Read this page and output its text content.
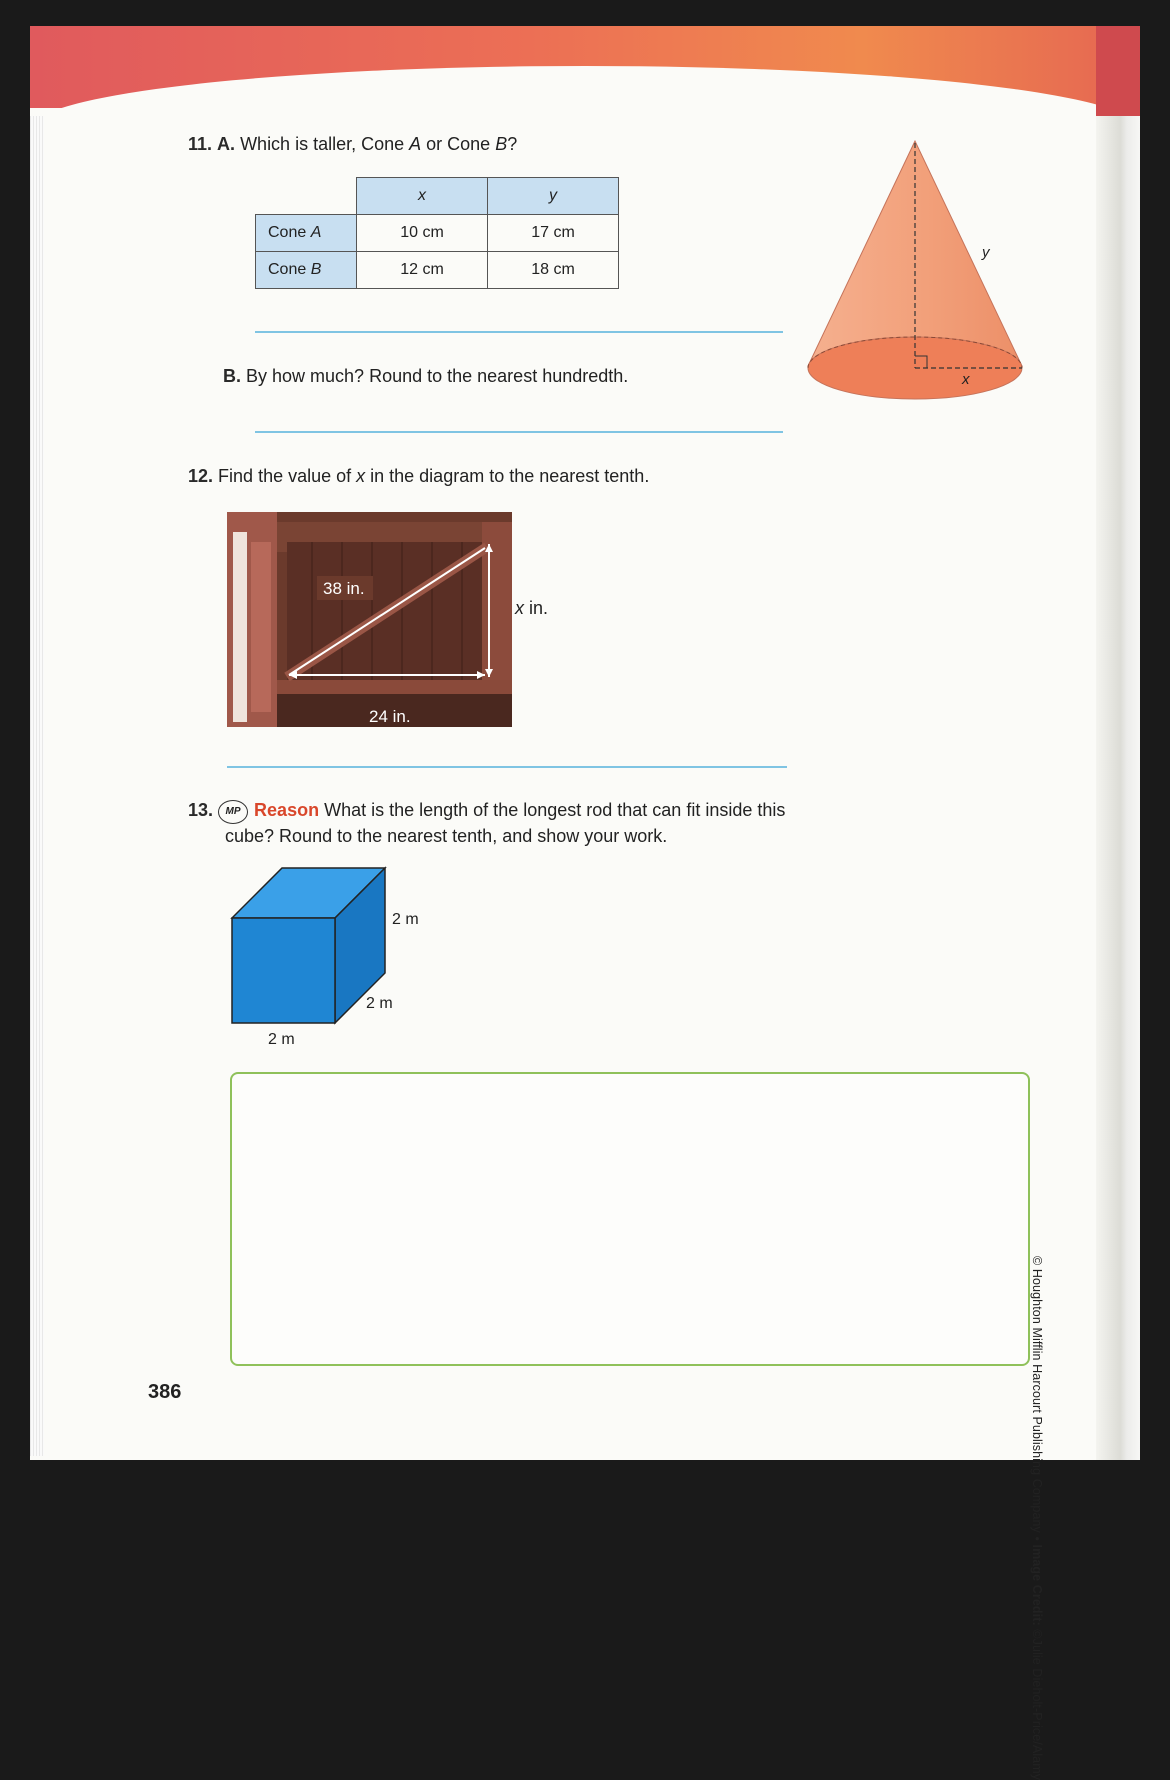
11. A. Which is taller, Cone A or Cone B?
	x	y
Cone A	10 cm	17 cm
Cone B	12 cm	18 cm
B. By how much? Round to the nearest hundredth.	x
y
12. Find the value of x in the diagram to the nearest tenth.
38 in.
24 in.
x in.
13. MP Reason What is the length of the longest rod that can fit inside this
cube? Round to the nearest tenth, and show your work.
2 m
2 m
2 m
386	© Houghton Mifflin Harcourt Publishing Company • Image Credit: ©Julie Dieholt-Price/Alamy
